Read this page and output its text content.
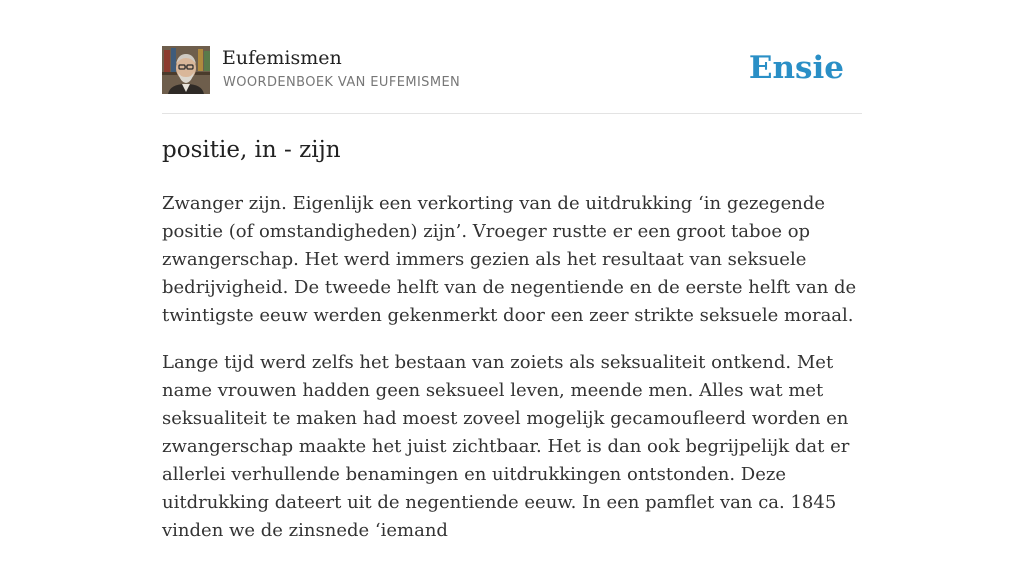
Eufemismen
WOORDENBOEK VAN EUFEMISMEN	Ensie
positie, in - zijn

Zwanger zijn. Eigenlijk een verkorting van de uitdrukking ‘in gezegende positie (of omstandigheden) zijn’. Vroeger rustte er een groot taboe op zwangerschap. Het werd immers gezien als het resultaat van seksuele bedrijvigheid. De tweede helft van de negentiende en de eerste helft van de twintigste eeuw werden gekenmerkt door een zeer strikte seksuele moraal.

Lange tijd werd zelfs het bestaan van zoiets als seksualiteit ontkend. Met name vrouwen hadden geen seksueel leven, meende men. Alles wat met seksualiteit te maken had moest zoveel mogelijk gecamoufleerd worden en zwangerschap maakte het juist zichtbaar. Het is dan ook begrijpelijk dat er allerlei verhullende benamingen en uitdrukkingen ontstonden. Deze uitdrukking dateert uit de negentiende eeuw. In een pamflet van ca. 1845 vinden we de zinsnede ‘iemand
